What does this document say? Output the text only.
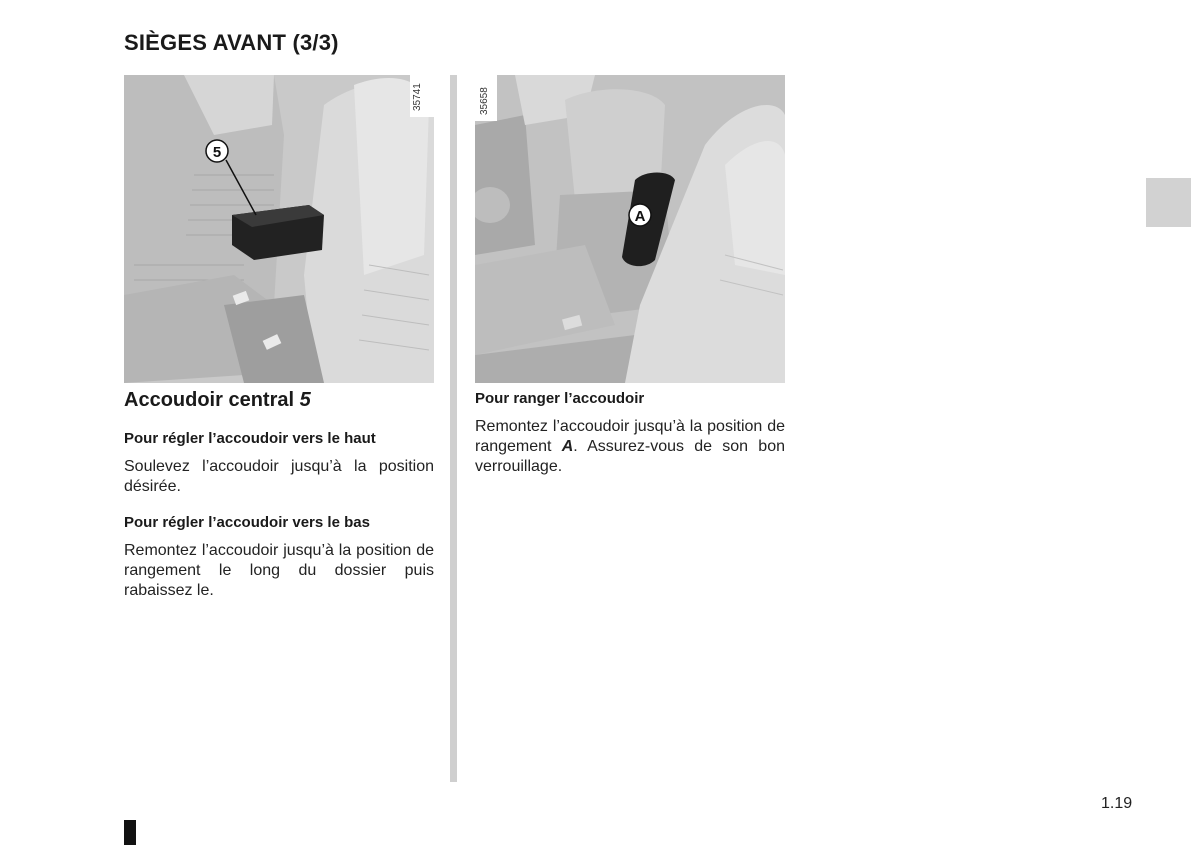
SIÈGES AVANT (3/3)
5
35741
A
35658
Accoudoir central 5
Pour régler l’accoudoir vers le haut
Soulevez l’accoudoir jusqu’à la position désirée.
Pour régler l’accoudoir vers le bas
Remontez l’accoudoir jusqu’à la position de rangement le long du dossier puis rabaissez le.
Pour ranger l’accoudoir
Remontez l’accoudoir jusqu’à la position de rangement A. Assurez-vous de son bon verrouillage.
1.19
